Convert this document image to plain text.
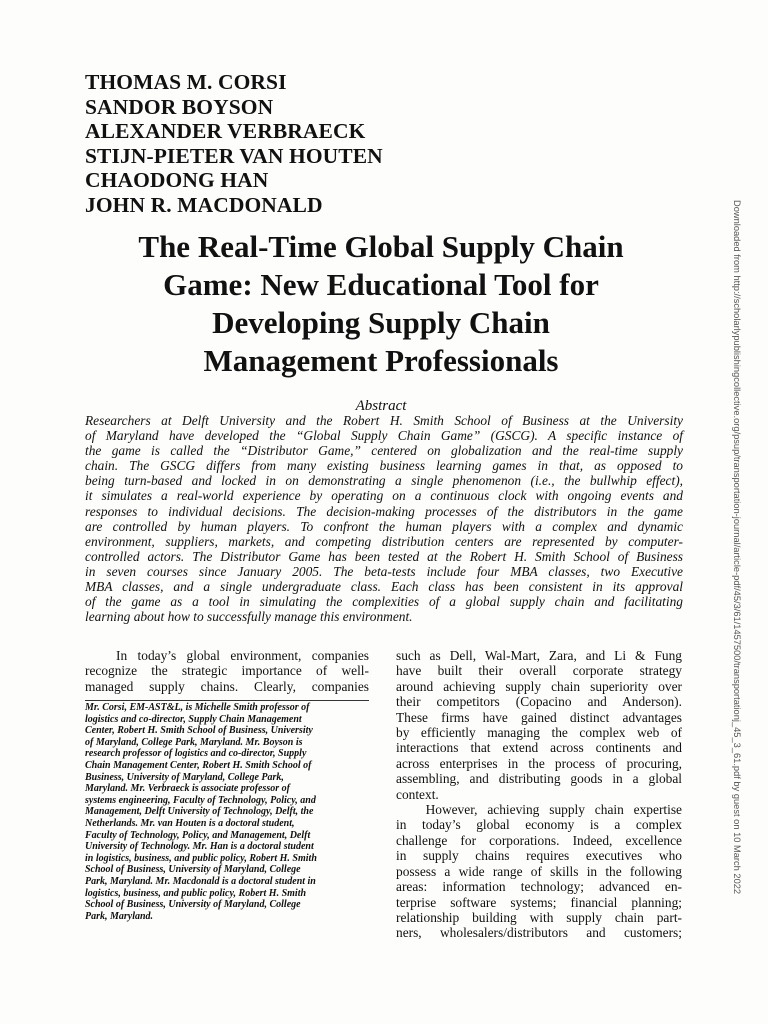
THOMAS M. CORSI
SANDOR BOYSON
ALEXANDER VERBRAECK
STIJN-PIETER VAN HOUTEN
CHAODONG HAN
JOHN R. MACDONALD
The Real-Time Global Supply Chain
Game: New Educational Tool for
Developing Supply Chain
Management Professionals
Abstract
Researchers at Delft University and the Robert H. Smith School of Business at the University
of Maryland have developed the “Global Supply Chain Game” (GSCG). A specific instance of
the game is called the “Distributor Game,” centered on globalization and the real-time supply
chain. The GSCG differs from many existing business learning games in that, as opposed to
being turn-based and locked in on demonstrating a single phenomenon (i.e., the bullwhip effect),
it simulates a real-world experience by operating on a continuous clock with ongoing events and
responses to individual decisions. The decision-making processes of the distributors in the game
are controlled by human players. To confront the human players with a complex and dynamic
environment, suppliers, markets, and competing distribution centers are represented by computer-
controlled actors. The Distributor Game has been tested at the Robert H. Smith School of Business
in seven courses since January 2005. The beta-tests include four MBA classes, two Executive
MBA classes, and a single undergraduate class. Each class has been consistent in its approval
of the game as a tool in simulating the complexities of a global supply chain and facilitating
learning about how to successfully manage this environment.
In today’s global environment, companies
recognize the strategic importance of well-
managed supply chains. Clearly, companies
Mr. Corsi, EM-AST&L, is Michelle Smith professor of
logistics and co-director, Supply Chain Management
Center, Robert H. Smith School of Business, University
of Maryland, College Park, Maryland. Mr. Boyson is
research professor of logistics and co-director, Supply
Chain Management Center, Robert H. Smith School of
Business, University of Maryland, College Park,
Maryland. Mr. Verbraeck is associate professor of
systems engineering, Faculty of Technology, Policy, and
Management, Delft University of Technology, Delft, the
Netherlands. Mr. van Houten is a doctoral student,
Faculty of Technology, Policy, and Management, Delft
University of Technology. Mr. Han is a doctoral student
in logistics, business, and public policy, Robert H. Smith
School of Business, University of Maryland, College
Park, Maryland. Mr. Macdonald is a doctoral student in
logistics, business, and public policy, Robert H. Smith
School of Business, University of Maryland, College
Park, Maryland.
such as Dell, Wal-Mart, Zara, and Li & Fung
have built their overall corporate strategy
around achieving supply chain superiority over
their competitors (Copacino and Anderson).
These firms have gained distinct advantages
by efficiently managing the complex web of
interactions that extend across continents and
across enterprises in the process of procuring,
assembling, and distributing goods in a global
context.
However, achieving supply chain expertise
in today’s global economy is a complex
challenge for corporations. Indeed, excellence
in supply chains requires executives who
possess a wide range of skills in the following
areas: information technology; advanced en-
terprise software systems; financial planning;
relationship building with supply chain part-
ners, wholesalers/distributors and customers;
Downloaded from http://scholarlypublishingcollective.org/psup/transportation-journal/article-pdf/45/3/61/1457500/transportationj_45_3_61.pdf by guest on 10 March 2022
